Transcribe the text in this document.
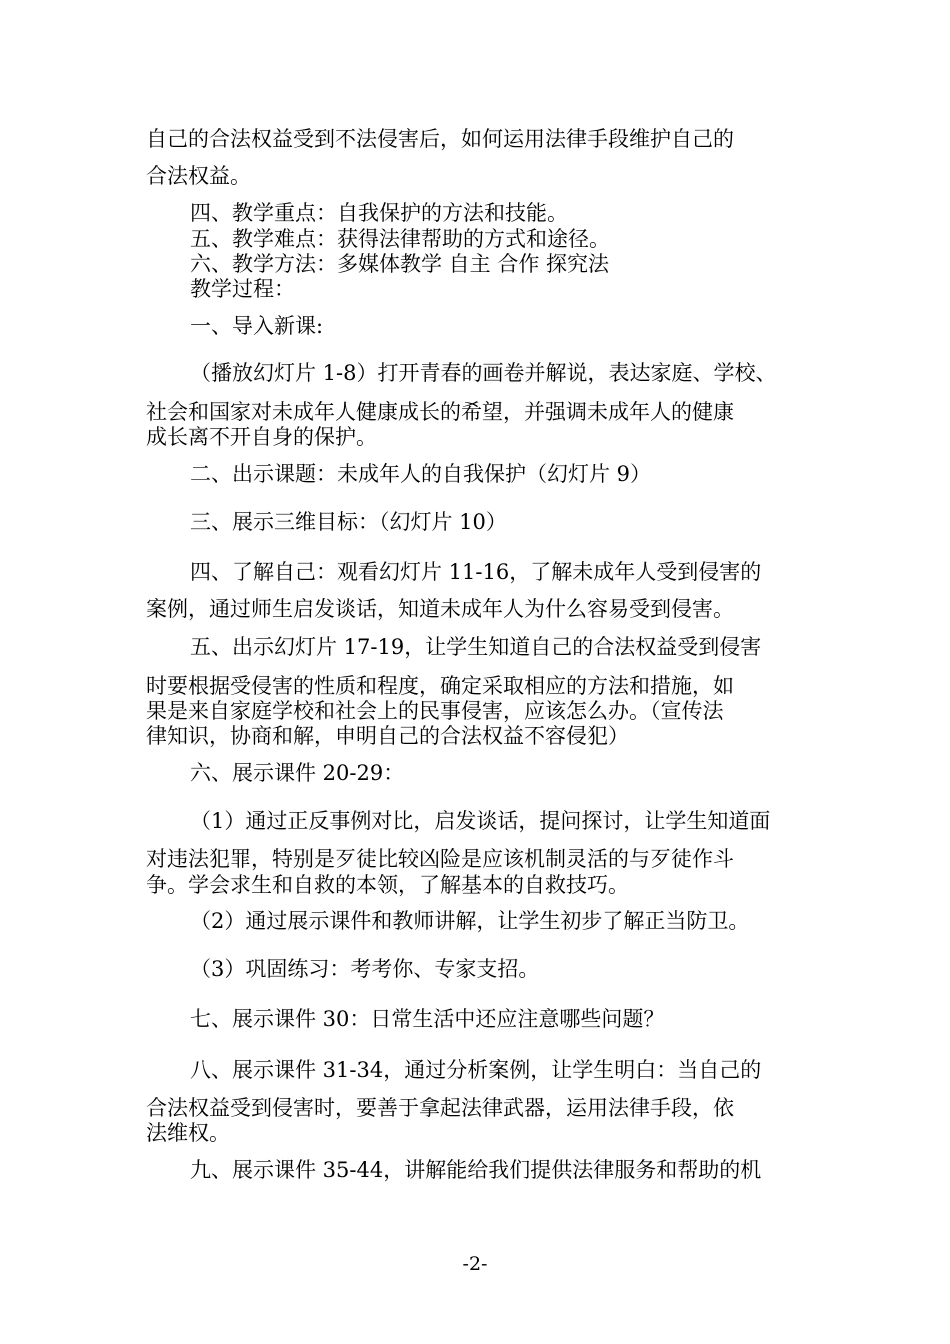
自己的合法权益受到不法侵害后，如何运用法律手段维护自己的
合法权益。
四、教学重点：自我保护的方法和技能。
五、教学难点：获得法律帮助的方式和途径。
六、教学方法：多媒体教学 自主 合作 探究法
教学过程：
一、导入新课:
（播放幻灯片 1-8）打开青春的画卷并解说，表达家庭、学校、
社会和国家对未成年人健康成长的希望，并强调未成年人的健康
成长离不开自身的保护。
二、出示课题：未成年人的自我保护（幻灯片 9）
三、展示三维目标：（幻灯片 10）
四、了解自己：观看幻灯片 11-16，了解未成年人受到侵害的
案例，通过师生启发谈话，知道未成年人为什么容易受到侵害。
五、出示幻灯片 17-19，让学生知道自己的合法权益受到侵害
时要根据受侵害的性质和程度，确定采取相应的方法和措施，如
果是来自家庭学校和社会上的民事侵害，应该怎么办。（宣传法
律知识，协商和解，申明自己的合法权益不容侵犯）
六、展示课件 20-29：
（1）通过正反事例对比，启发谈话，提问探讨，让学生知道面
对违法犯罪，特别是歹徒比较凶险是应该机制灵活的与歹徒作斗
争。学会求生和自救的本领，了解基本的自救技巧。
（2）通过展示课件和教师讲解，让学生初步了解正当防卫。
（3）巩固练习：考考你、专家支招。
七、展示课件 30：日常生活中还应注意哪些问题？
八、展示课件 31-34，通过分析案例，让学生明白：当自己的
合法权益受到侵害时，要善于拿起法律武器，运用法律手段，依
法维权。
九、展示课件 35-44，讲解能给我们提供法律服务和帮助的机
-2-
